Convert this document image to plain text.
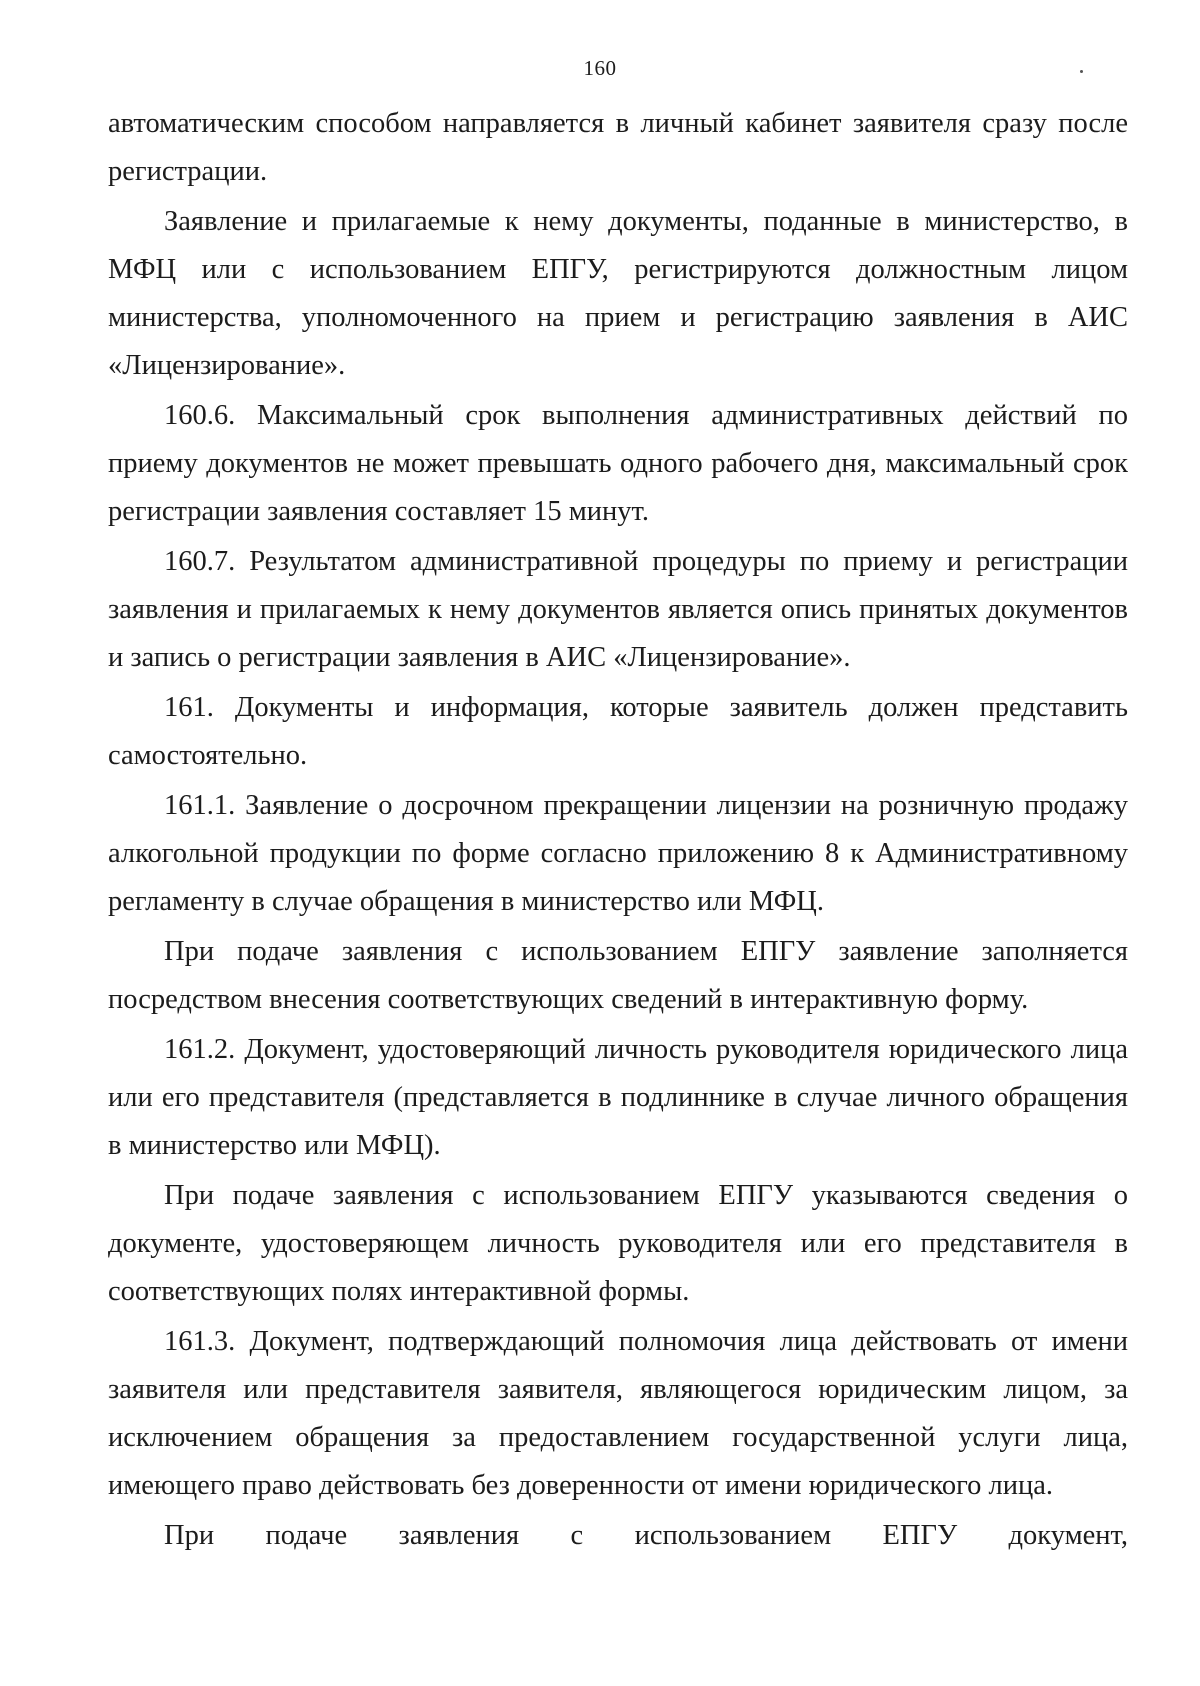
160

автоматическим способом направляется в личный кабинет заявителя сразу после регистрации.

Заявление и прилагаемые к нему документы, поданные в министерство, в МФЦ или с использованием ЕПГУ, регистрируются должностным лицом министерства, уполномоченного на прием и регистрацию заявления в АИС «Лицензирование».

160.6. Максимальный срок выполнения административных действий по приему документов не может превышать одного рабочего дня, максимальный срок регистрации заявления составляет 15 минут.

160.7. Результатом административной процедуры по приему и регистрации заявления и прилагаемых к нему документов является опись принятых документов и запись о регистрации заявления в АИС «Лицензирование».

161. Документы и информация, которые заявитель должен представить самостоятельно.

161.1. Заявление о досрочном прекращении лицензии на розничную продажу алкогольной продукции по форме согласно приложению 8 к Административному регламенту в случае обращения в министерство или МФЦ.

При подаче заявления с использованием ЕПГУ заявление заполняется посредством внесения соответствующих сведений в интерактивную форму.

161.2. Документ, удостоверяющий личность руководителя юридического лица или его представителя (представляется в подлиннике в случае личного обращения в министерство или МФЦ).

При подаче заявления с использованием ЕПГУ указываются сведения о документе, удостоверяющем личность руководителя или его представителя в соответствующих полях интерактивной формы.

161.3. Документ, подтверждающий полномочия лица действовать от имени заявителя или представителя заявителя, являющегося юридическим лицом, за исключением обращения за предоставлением государственной услуги лица, имеющего право действовать без доверенности от имени юридического лица.

При подаче заявления с использованием ЕПГУ документ,
